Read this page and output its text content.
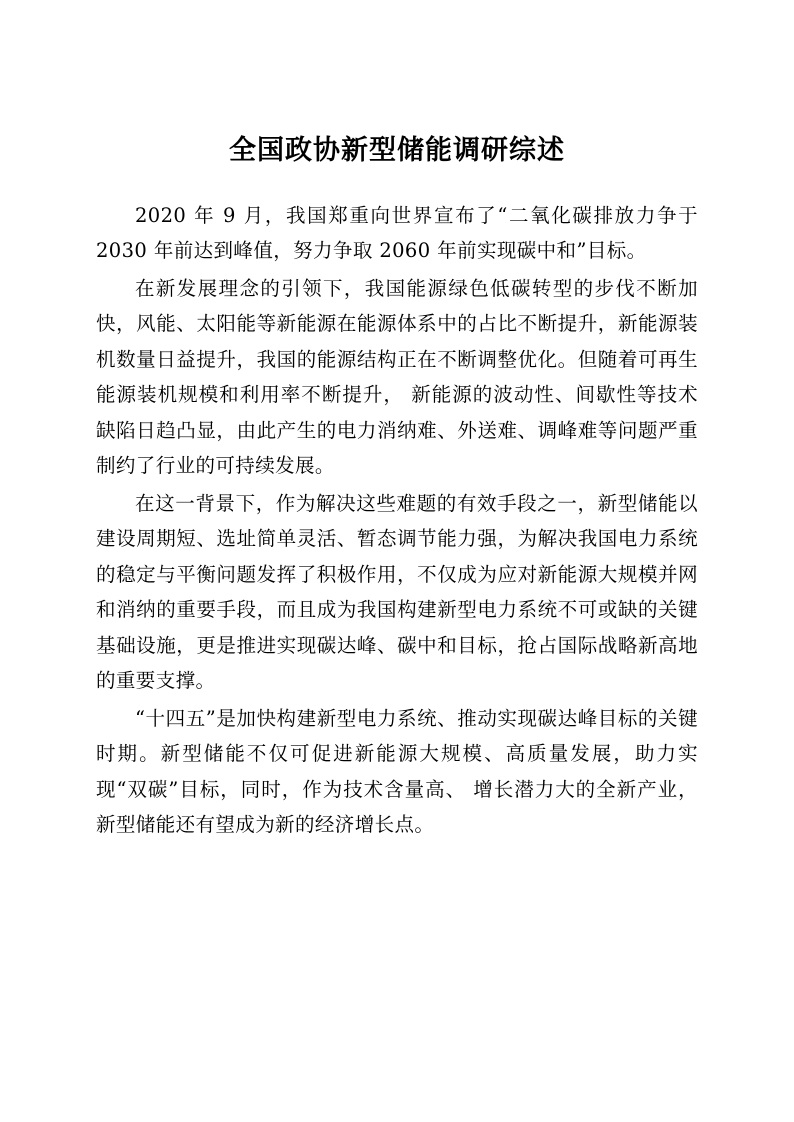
全国政协新型储能调研综述

2020 年 9 月，我国郑重向世界宣布了“二氧化碳排放力争于 2030 年前达到峰值，努力争取 2060 年前实现碳中和”目标。

在新发展理念的引领下，我国能源绿色低碳转型的步伐不断加快，风能、太阳能等新能源在能源体系中的占比不断提升，新能源装机数量日益提升，我国的能源结构正在不断调整优化。但随着可再生能源装机规模和利用率不断提升， 新能源的波动性、间歇性等技术缺陷日趋凸显，由此产生的电力消纳难、外送难、调峰难等问题严重制约了行业的可持续发展。

在这一背景下，作为解决这些难题的有效手段之一，新型储能以建设周期短、选址简单灵活、暂态调节能力强，为解决我国电力系统的稳定与平衡问题发挥了积极作用，不仅成为应对新能源大规模并网和消纳的重要手段，而且成为我国构建新型电力系统不可或缺的关键基础设施，更是推进实现碳达峰、碳中和目标，抢占国际战略新高地的重要支撑。

“十四五”是加快构建新型电力系统、推动实现碳达峰目标的关键时期。新型储能不仅可促进新能源大规模、高质量发展，助力实现“双碳”目标，同时，作为技术含量高、 增长潜力大的全新产业，新型储能还有望成为新的经济增长点。
